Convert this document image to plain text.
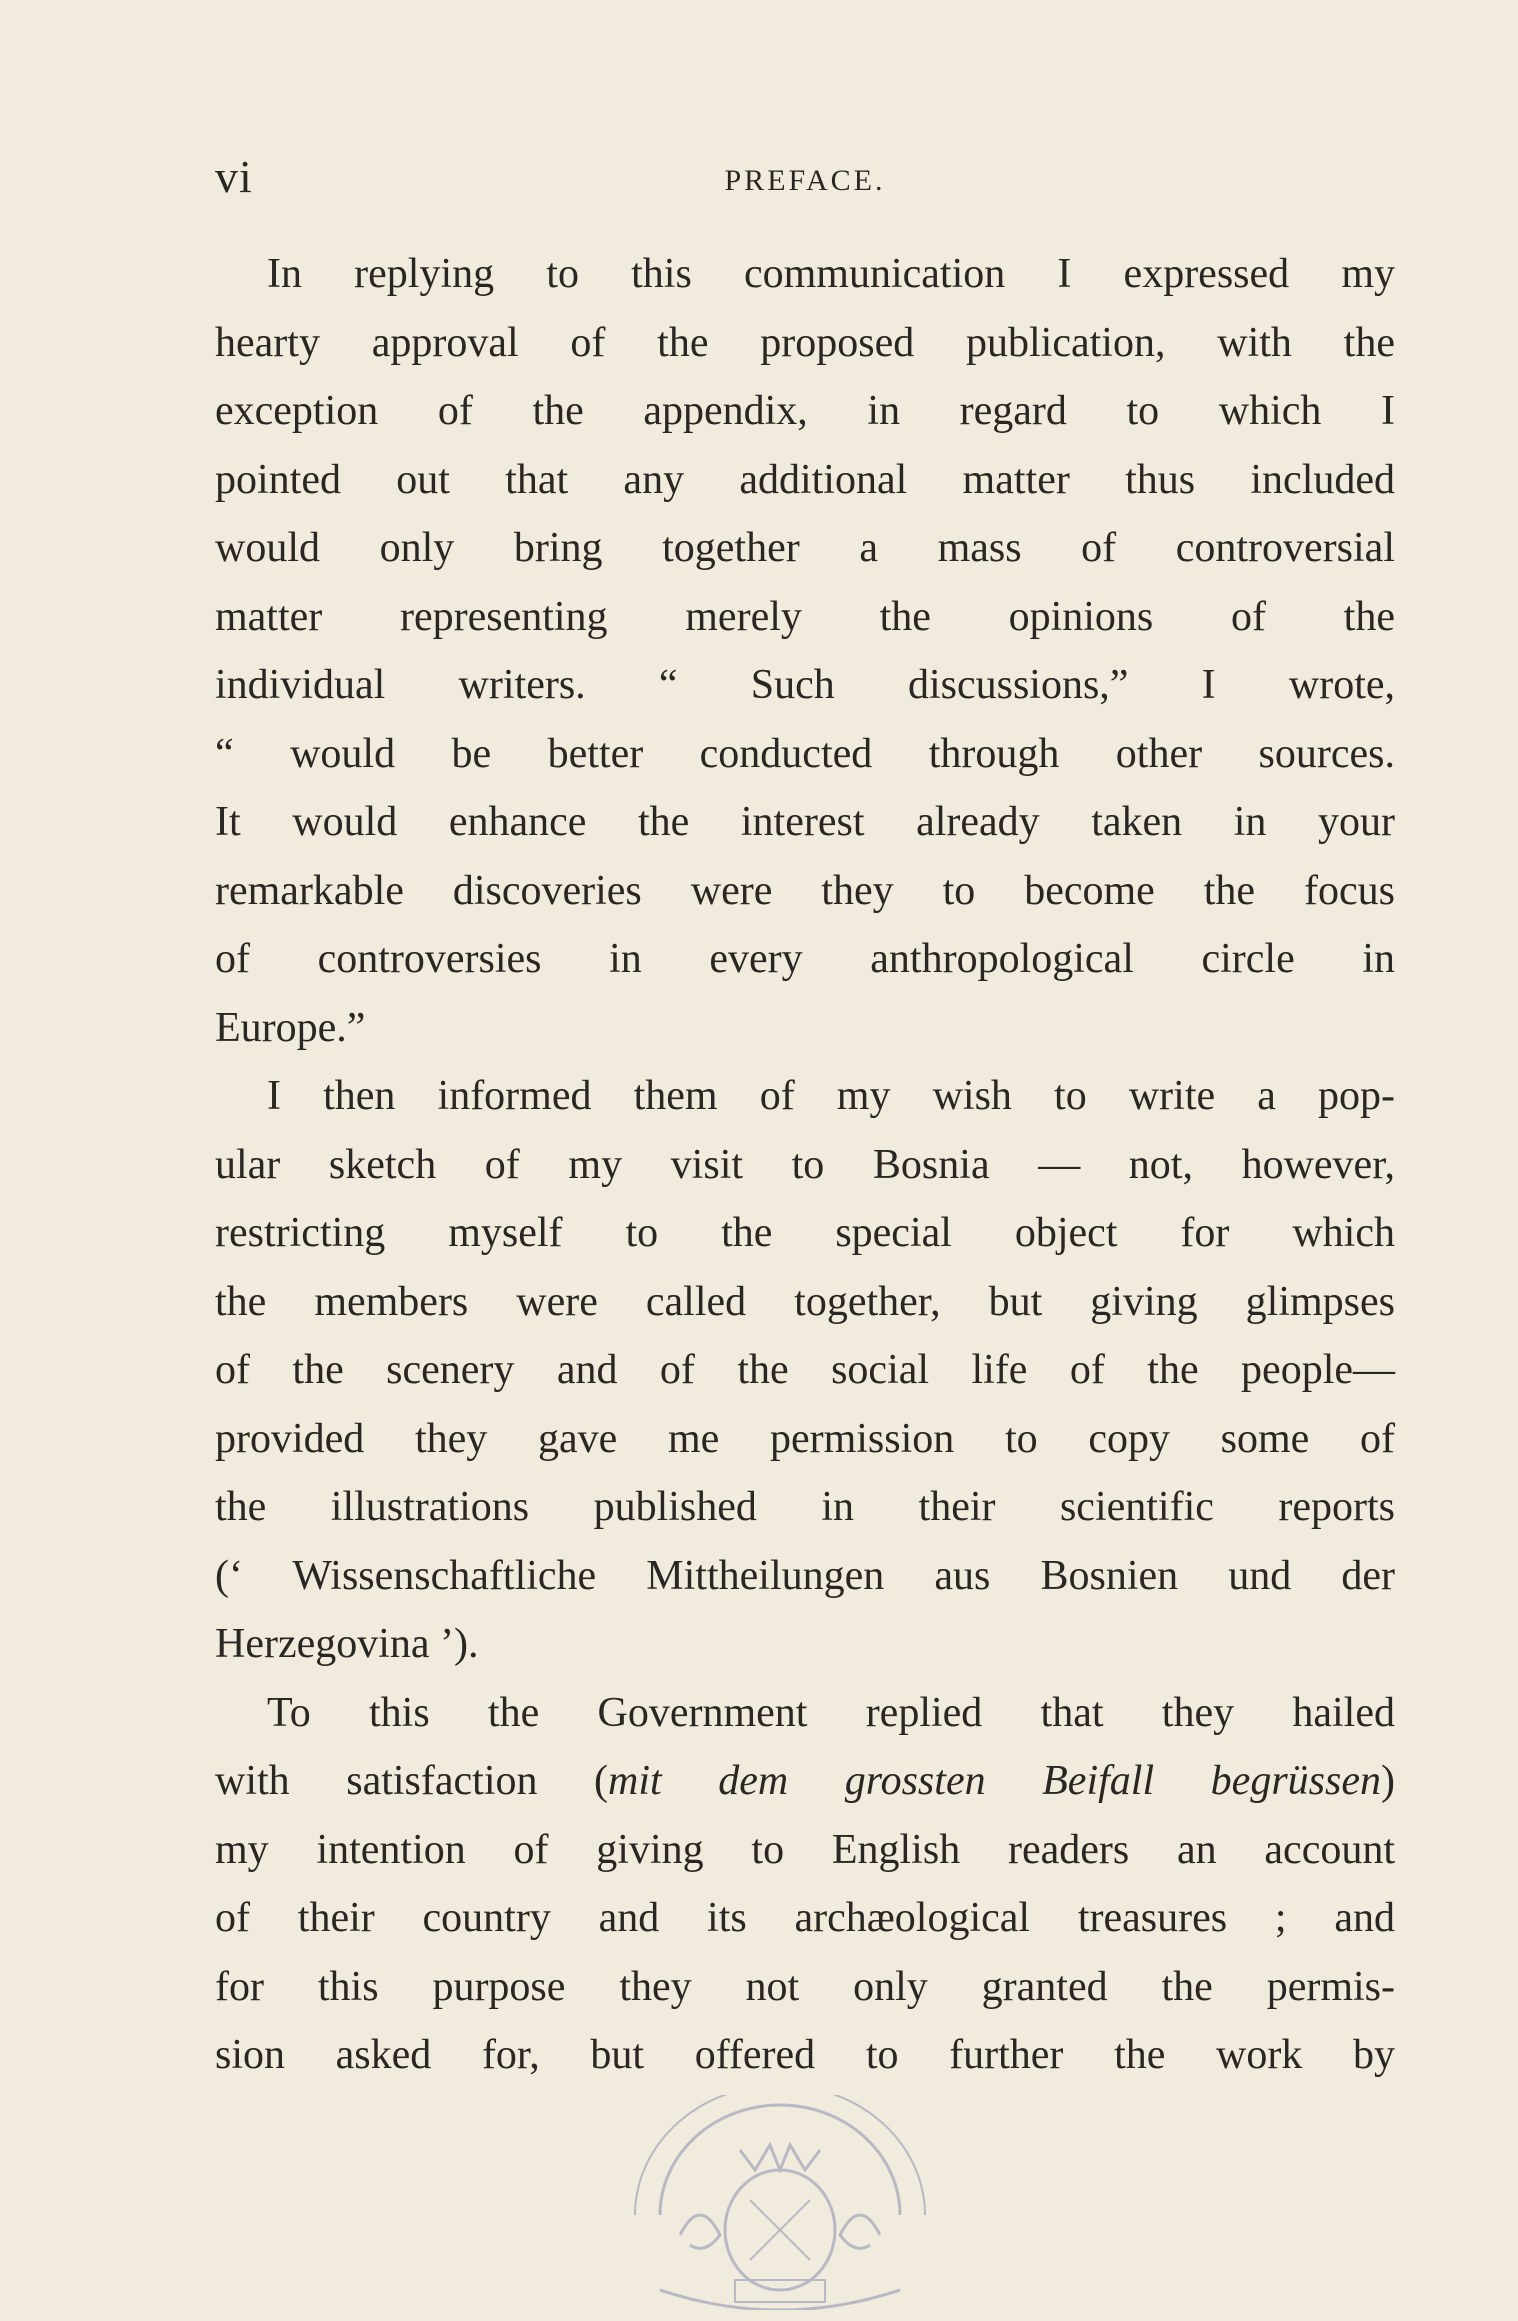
vi	PREFACE.
In replying to this communication I expressed my
hearty approval of the proposed publication, with the
exception of the appendix, in regard to which I
pointed out that any additional matter thus included
would only bring together a mass of controversial
matter representing merely the opinions of the
individual writers. “ Such discussions,” I wrote,
“ would be better conducted through other sources.
It would enhance the interest already taken in your
remarkable discoveries were they to become the focus
of controversies in every anthropological circle in
Europe.”
I then informed them of my wish to write a pop-
ular sketch of my visit to Bosnia — not, however,
restricting myself to the special object for which
the members were called together, but giving glimpses
of the scenery and of the social life of the people—
provided they gave me permission to copy some of
the illustrations published in their scientific reports
(‘ Wissenschaftliche Mittheilungen aus Bosnien und der
Herzegovina ’).
To this the Government replied that they hailed
with satisfaction (mit dem grossten Beifall begrüssen)
my intention of giving to English readers an account
of their country and its archæological treasures ; and
for this purpose they not only granted the permis-
sion asked for, but offered to further the work by
